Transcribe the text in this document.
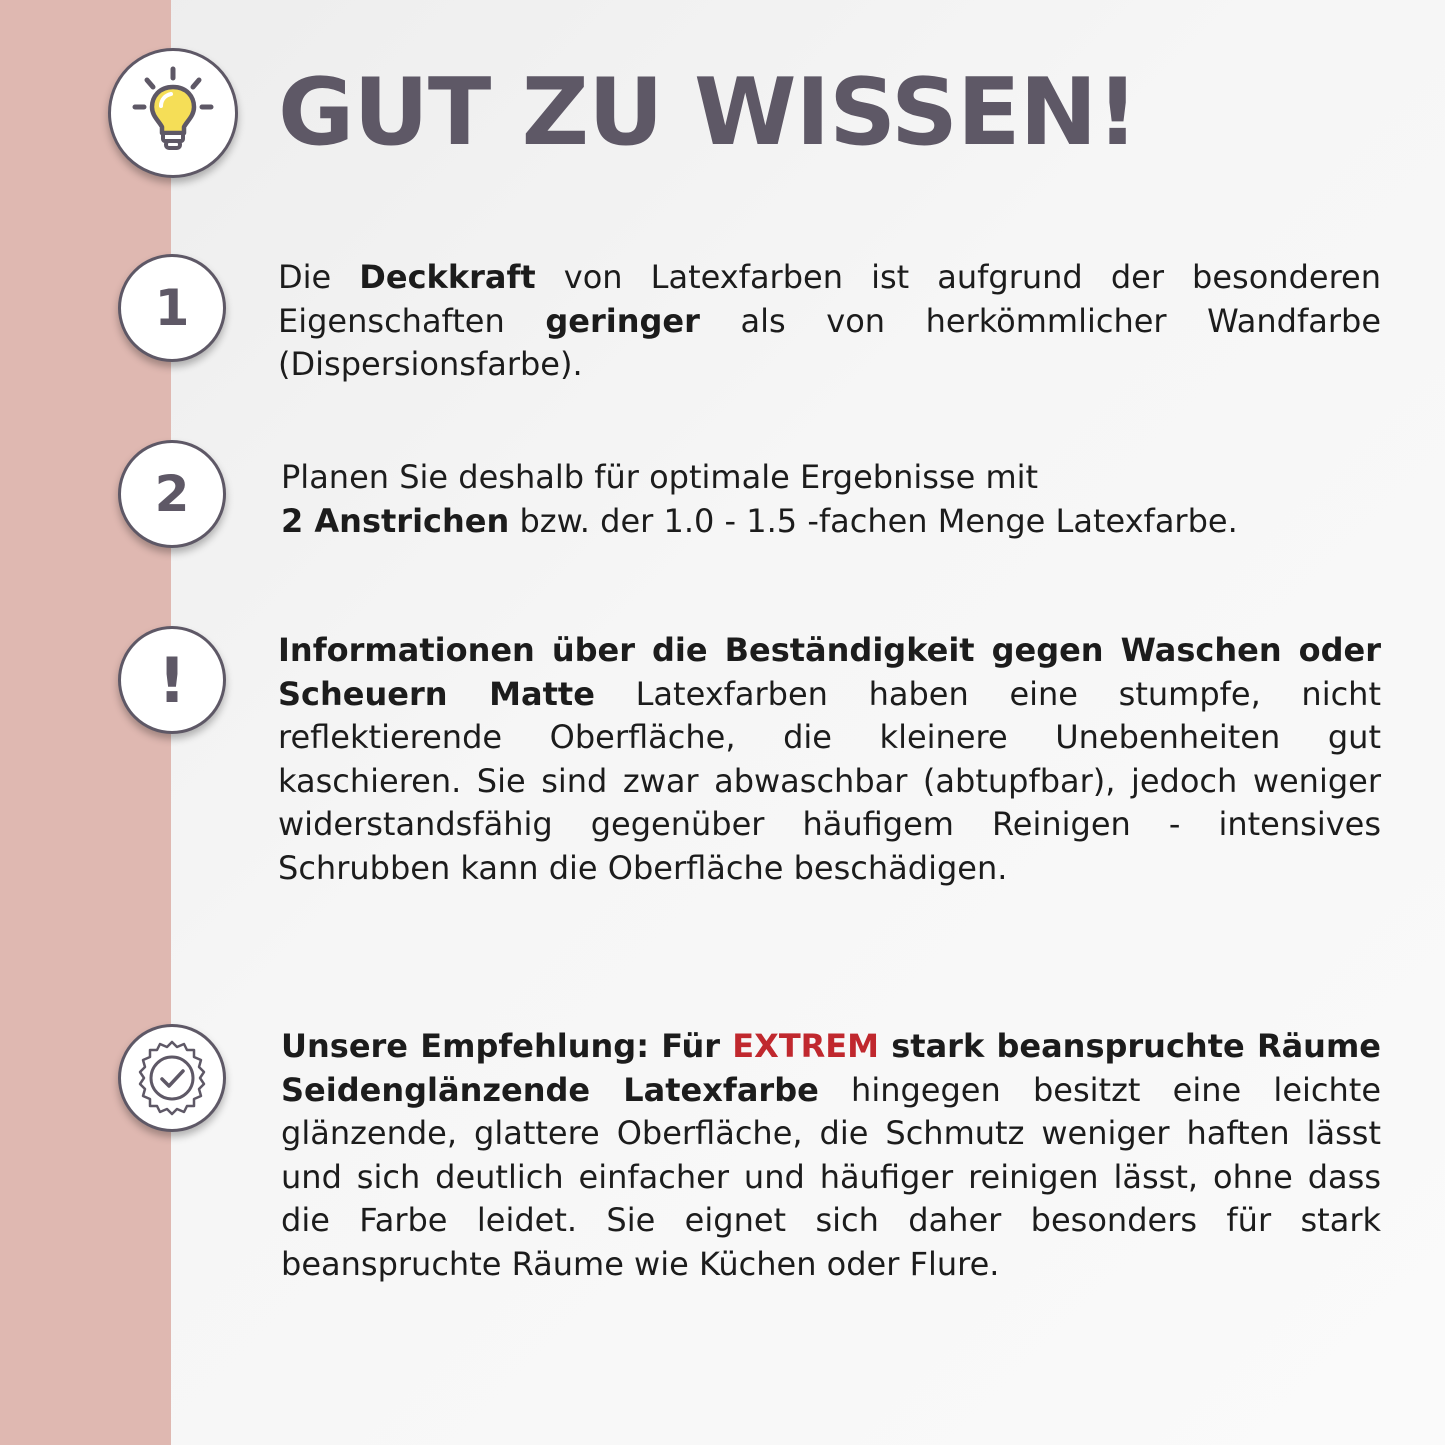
GUT ZU WISSEN!
1

Die Deckkraft von Latexfarben ist aufgrund der besonderen Eigenschaften geringer als von herkömmlicher Wandfarbe (Dispersionsfarbe).

2	Planen Sie deshalb für optimale Ergebnisse mit
2 Anstrichen bzw. der 1.0 - 1.5 -fachen Menge Latexfarbe.

!	Informationen über die Beständigkeit gegen Waschen oder Scheuern Matte Latexfarben haben eine stumpfe, nicht reflektierende Oberfläche, die kleinere Unebenheiten gut kaschieren. Sie sind zwar abwaschbar (abtupfbar), jedoch weniger widerstandsfähig gegenüber häufigem Reinigen - intensives Schrubben kann die Oberfläche beschädigen.

Unsere Empfehlung: Für EXTREM stark beanspruchte Räume Seidenglänzende Latexfarbe hingegen besitzt eine leichte glänzende, glattere Oberfläche, die Schmutz weniger haften lässt und sich deutlich einfacher und häufiger reinigen lässt, ohne dass die Farbe leidet. Sie eignet sich daher besonders für stark beanspruchte Räume wie Küchen oder Flure.
